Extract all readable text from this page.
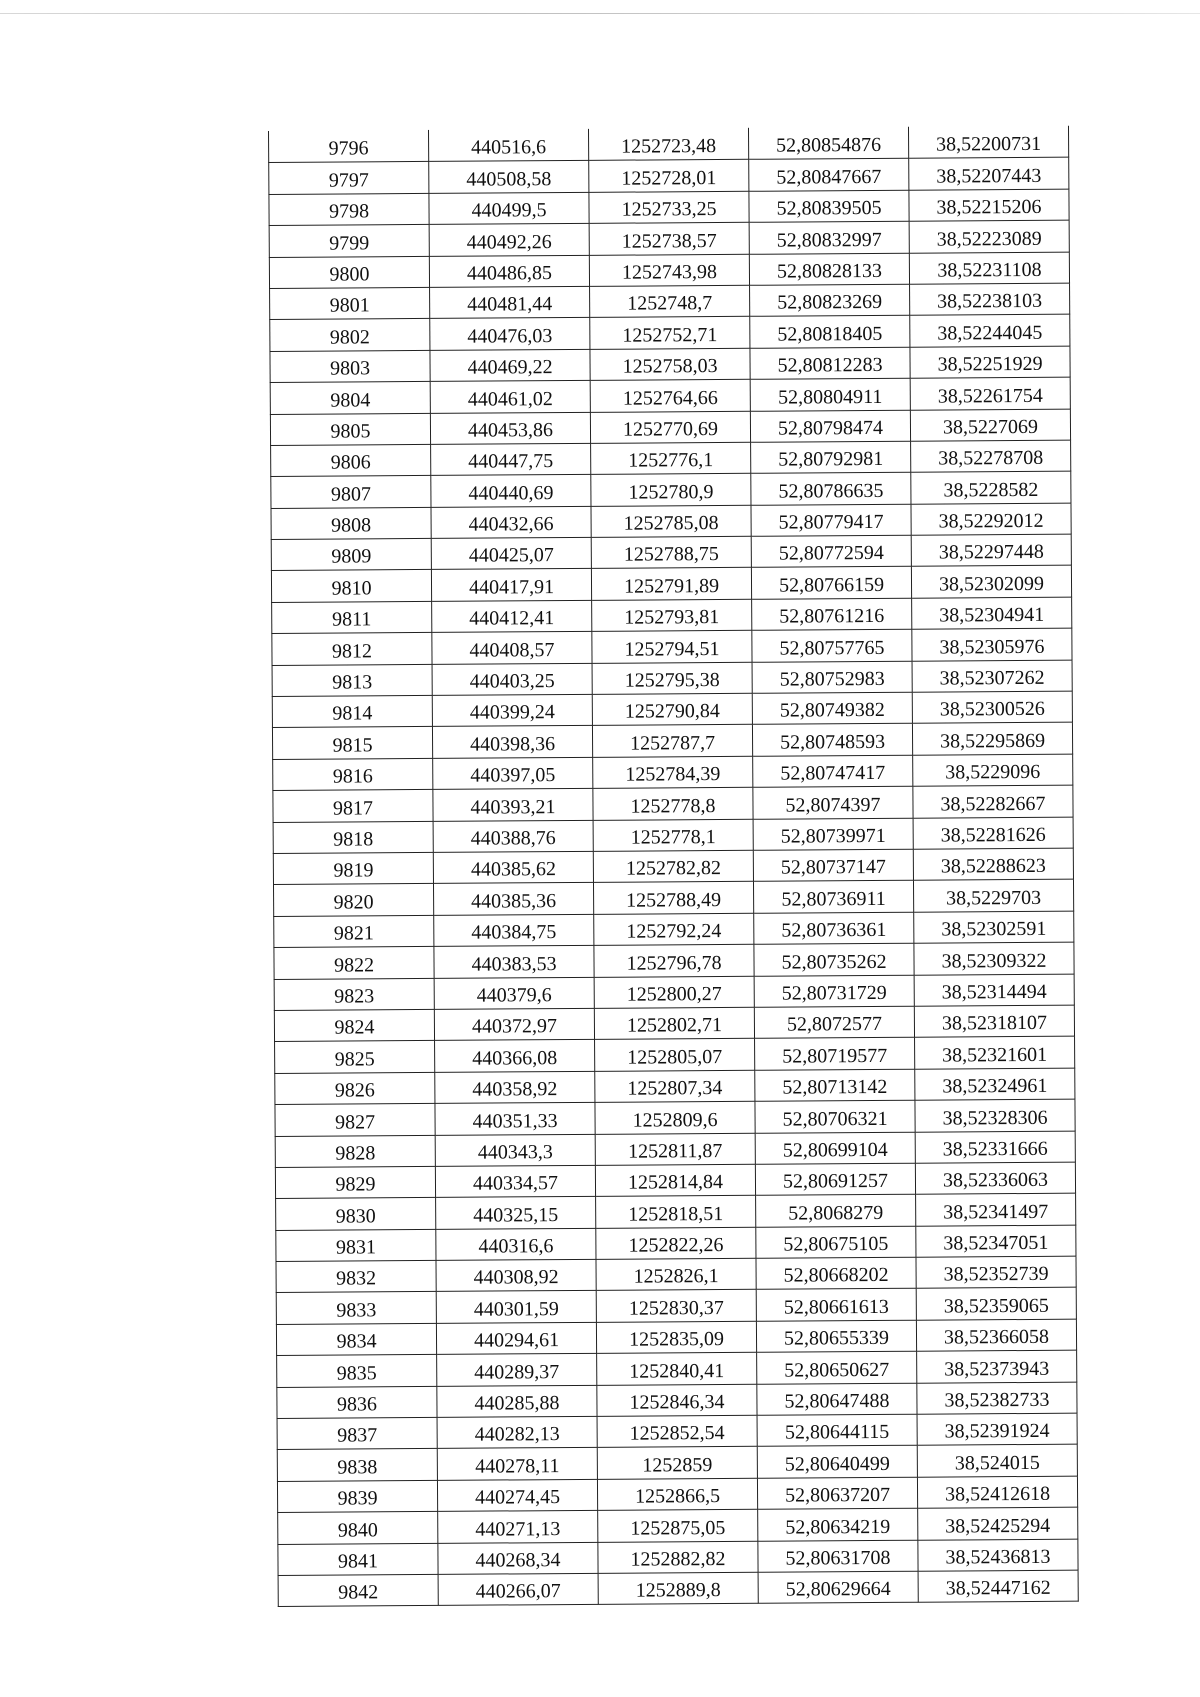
9796	440516,6	1252723,48	52,80854876	38,52200731
9797	440508,58	1252728,01	52,80847667	38,52207443
9798	440499,5	1252733,25	52,80839505	38,52215206
9799	440492,26	1252738,57	52,80832997	38,52223089
9800	440486,85	1252743,98	52,80828133	38,52231108
9801	440481,44	1252748,7	52,80823269	38,52238103
9802	440476,03	1252752,71	52,80818405	38,52244045
9803	440469,22	1252758,03	52,80812283	38,52251929
9804	440461,02	1252764,66	52,80804911	38,52261754
9805	440453,86	1252770,69	52,80798474	38,5227069
9806	440447,75	1252776,1	52,80792981	38,52278708
9807	440440,69	1252780,9	52,80786635	38,5228582
9808	440432,66	1252785,08	52,80779417	38,52292012
9809	440425,07	1252788,75	52,80772594	38,52297448
9810	440417,91	1252791,89	52,80766159	38,52302099
9811	440412,41	1252793,81	52,80761216	38,52304941
9812	440408,57	1252794,51	52,80757765	38,52305976
9813	440403,25	1252795,38	52,80752983	38,52307262
9814	440399,24	1252790,84	52,80749382	38,52300526
9815	440398,36	1252787,7	52,80748593	38,52295869
9816	440397,05	1252784,39	52,80747417	38,5229096
9817	440393,21	1252778,8	52,8074397	38,52282667
9818	440388,76	1252778,1	52,80739971	38,52281626
9819	440385,62	1252782,82	52,80737147	38,52288623
9820	440385,36	1252788,49	52,80736911	38,5229703
9821	440384,75	1252792,24	52,80736361	38,52302591
9822	440383,53	1252796,78	52,80735262	38,52309322
9823	440379,6	1252800,27	52,80731729	38,52314494
9824	440372,97	1252802,71	52,8072577	38,52318107
9825	440366,08	1252805,07	52,80719577	38,52321601
9826	440358,92	1252807,34	52,80713142	38,52324961
9827	440351,33	1252809,6	52,80706321	38,52328306
9828	440343,3	1252811,87	52,80699104	38,52331666
9829	440334,57	1252814,84	52,80691257	38,52336063
9830	440325,15	1252818,51	52,8068279	38,52341497
9831	440316,6	1252822,26	52,80675105	38,52347051
9832	440308,92	1252826,1	52,80668202	38,52352739
9833	440301,59	1252830,37	52,80661613	38,52359065
9834	440294,61	1252835,09	52,80655339	38,52366058
9835	440289,37	1252840,41	52,80650627	38,52373943
9836	440285,88	1252846,34	52,80647488	38,52382733
9837	440282,13	1252852,54	52,80644115	38,52391924
9838	440278,11	1252859	52,80640499	38,524015
9839	440274,45	1252866,5	52,80637207	38,52412618
9840	440271,13	1252875,05	52,80634219	38,52425294
9841	440268,34	1252882,82	52,80631708	38,52436813
9842	440266,07	1252889,8	52,80629664	38,52447162
